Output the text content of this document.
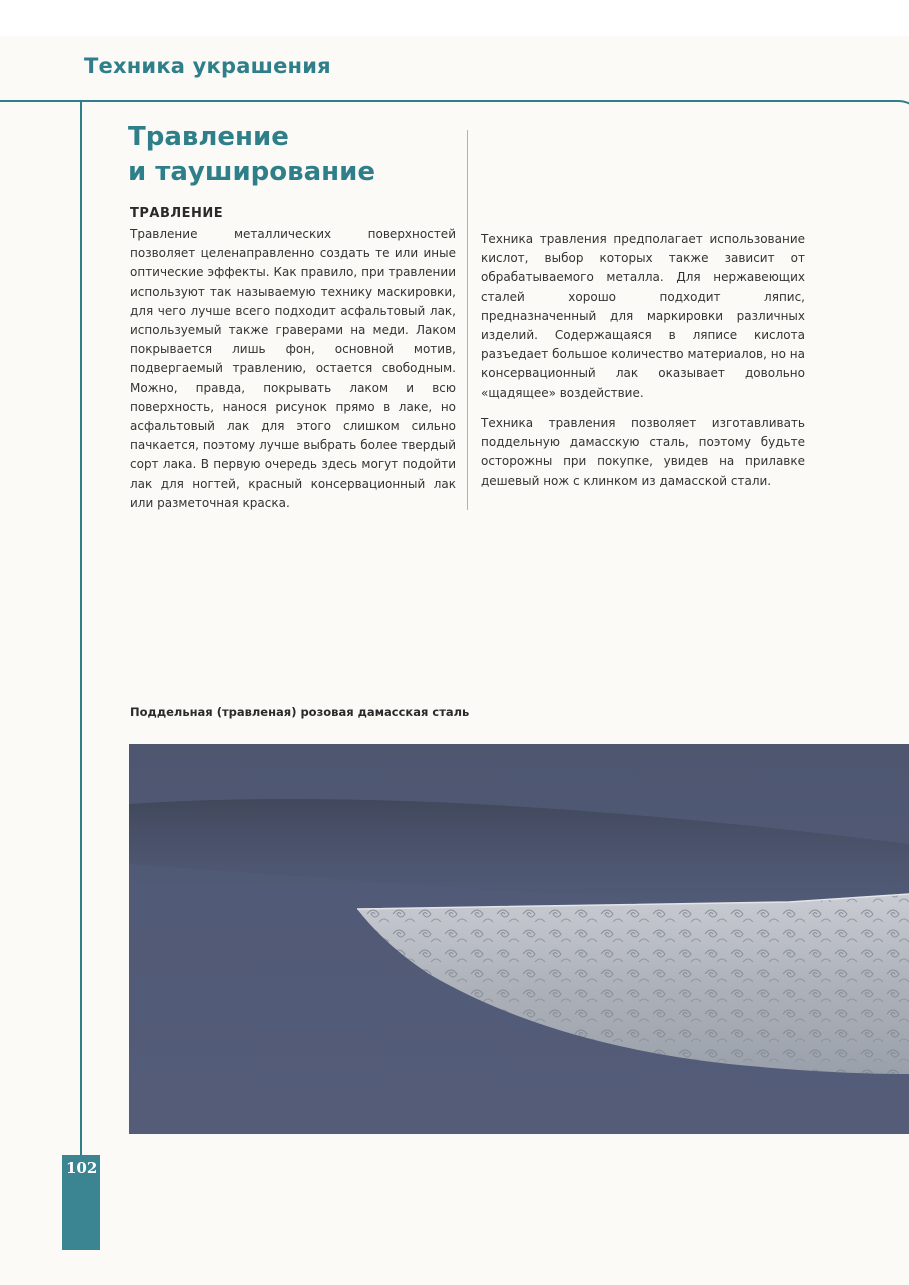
Техника украшения
Травление
и таушированиe
ТРАВЛЕНИЕ

Травление металлических поверхностей позволяет целенаправленно создать те или иные оптические эффекты. Как правило, при травлении используют так называемую технику маскировки, для чего лучше всего подходит асфальтовый лак, используемый также граверами на меди. Лаком покрывается лишь фон, основной мотив, подвергаемый травлению, остается свободным. Можно, правда, покрывать лаком и всю поверхность, нанося рисунок прямо в лаке, но асфальтовый лак для этого слишком сильно пачкается, поэтому лучше выбрать более твердый сорт лака. В первую очередь здесь могут подойти лак для ногтей, красный консервационный лак или разметочная краска.

Техника травления предполагает использование кислот, выбор которых также зависит от обрабатываемого металла. Для нержавеющих сталей хорошо подходит ляпис, предназначенный для маркировки различных изделий. Содержащаяся в ляписе кислота разъедает большое количество материалов, но на консервационный лак оказывает довольно «щадящее» воздействие.

Техника травления позволяет изготавливать поддельную дамасскую сталь, поэтому будьте осторожны при покупке, увидев на прилавке дешевый нож с клинком из дамасской стали.

Поддельная (травленая) розовая дамасская сталь

102
